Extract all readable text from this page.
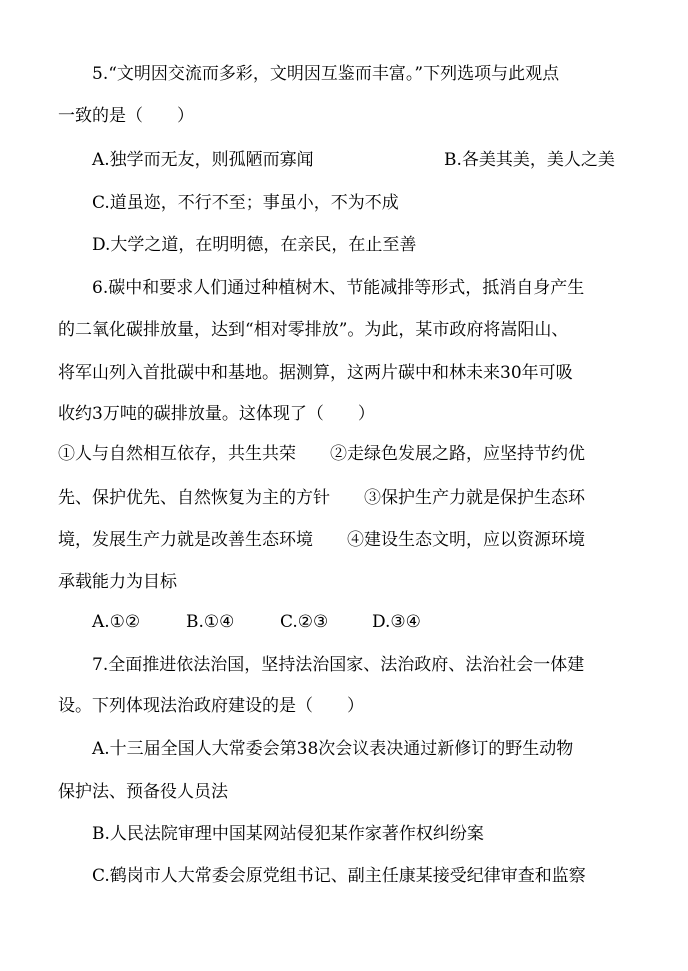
5.“文明因交流而多彩，文明因互鉴而丰富。”下列选项与此观点
一致的是（　　）
A.独学而无友，则孤陋而寡闻	B.各美其美，美人之美
C.道虽迩，不行不至；事虽小，不为不成
D.大学之道，在明明德，在亲民，在止至善
6.碳中和要求人们通过种植树木、节能减排等形式，抵消自身产生
的二氧化碳排放量，达到“相对零排放”。为此，某市政府将嵩阳山、
将军山列入首批碳中和基地。据测算，这两片碳中和林未来30年可吸
收约3万吨的碳排放量。这体现了（　　）
①人与自然相互依存，共生共荣　　②走绿色发展之路，应坚持节约优
先、保护优先、自然恢复为主的方针　　③保护生产力就是保护生态环
境，发展生产力就是改善生态环境　　④建设生态文明，应以资源环境
承载能力为目标
A.①②	B.①④	C.②③	D.③④
7.全面推进依法治国，坚持法治国家、法治政府、法治社会一体建
设。下列体现法治政府建设的是（　　）
A.十三届全国人大常委会第38次会议表决通过新修订的野生动物
保护法、预备役人员法
B.人民法院审理中国某网站侵犯某作家著作权纠纷案
C.鹤岗市人大常委会原党组书记、副主任康某接受纪律审查和监察
